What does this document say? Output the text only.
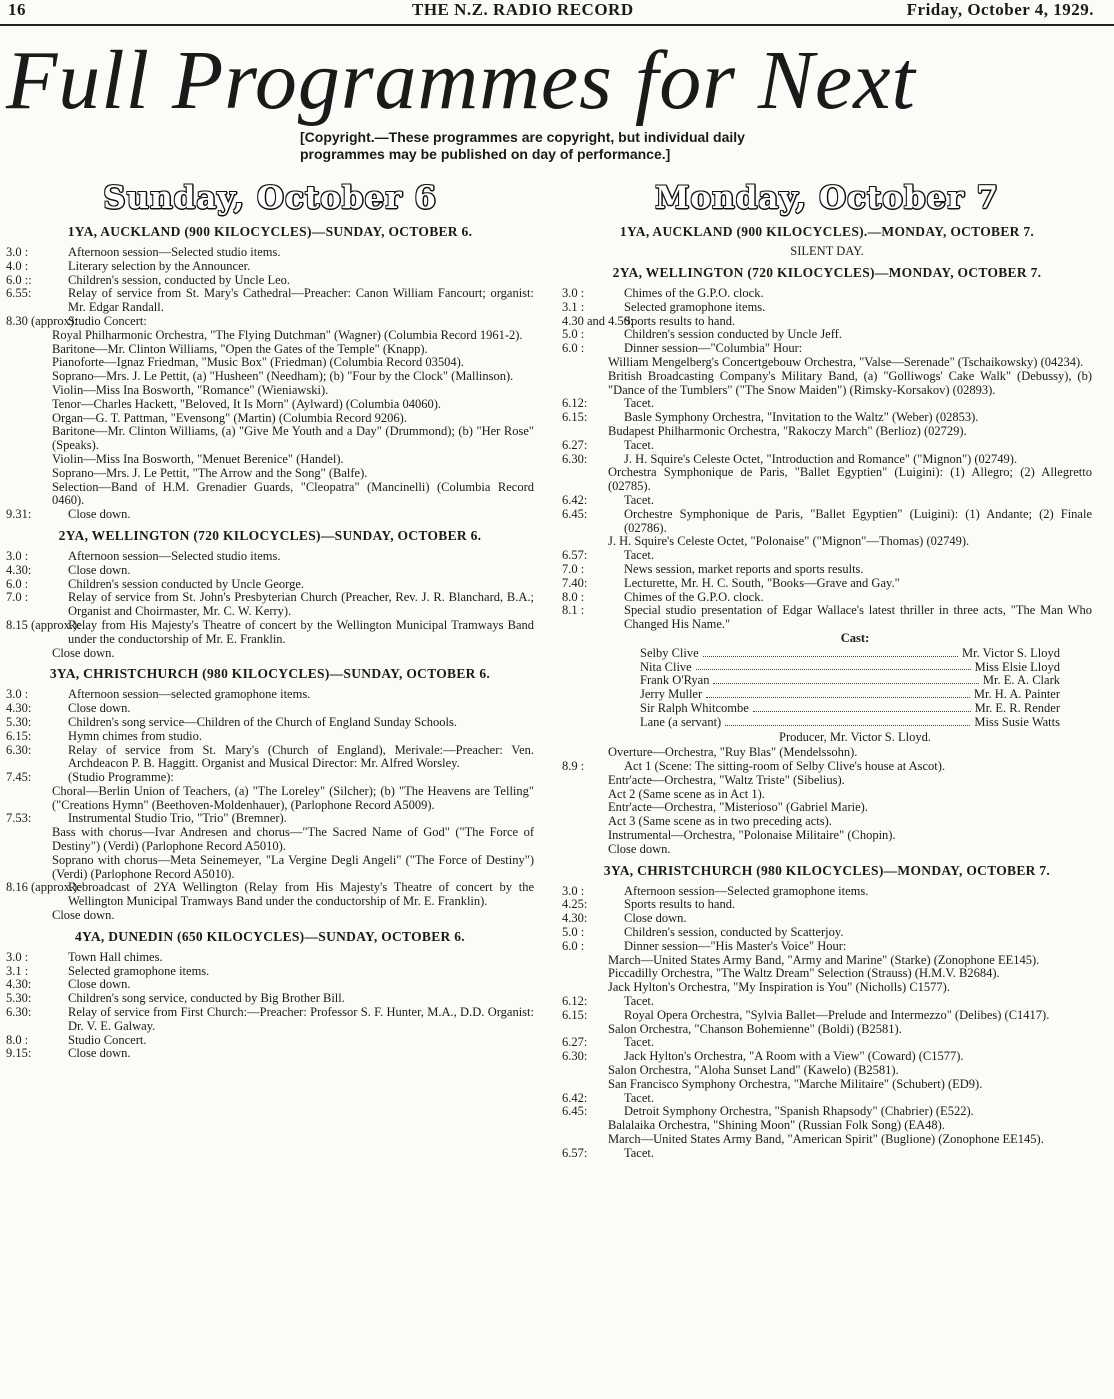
16	THE N.Z. RADIO RECORD	Friday, October 4, 1929.
Full Programmes for Next
[Copyright.—These programmes are copyright, but individual daily programmes may be published on day of performance.]
Sunday, October 6
1YA, AUCKLAND (900 KILOCYCLES)—SUNDAY, OCTOBER 6.
3.0 :	Afternoon session—Selected studio items.
4.0 :	Literary selection by the Announcer.
6.0 ::	Children's session, conducted by Uncle Leo.
6.55:	Relay of service from St. Mary's Cathedral—Preacher: Canon William Fancourt; organist: Mr. Edgar Randall.
8.30 (approx):
Studio Concert:
Royal Philharmonic Orchestra, "The Flying Dutchman" (Wagner) (Columbia Record 1961-2).
Baritone—Mr. Clinton Williams, "Open the Gates of the Temple" (Knapp).
Pianoforte—Ignaz Friedman, "Music Box" (Friedman) (Columbia Record 03504).
Soprano—Mrs. J. Le Pettit, (a) "Husheen" (Needham); (b) "Four by the Clock" (Mallinson).
Violin—Miss Ina Bosworth, "Romance" (Wieniawski).
Tenor—Charles Hackett, "Beloved, It Is Morn" (Aylward) (Columbia 04060).
Organ—G. T. Pattman, "Evensong" (Martin) (Columbia Record 9206).
Baritone—Mr. Clinton Williams, (a) "Give Me Youth and a Day" (Drummond); (b) "Her Rose" (Speaks).
Violin—Miss Ina Bosworth, "Menuet Berenice" (Handel).
Soprano—Mrs. J. Le Pettit, "The Arrow and the Song" (Balfe).
Selection—Band of H.M. Grenadier Guards, "Cleopatra" (Mancinelli) (Columbia Record 0460).
9.31:	Close down.
2YA, WELLINGTON (720 KILOCYCLES)—SUNDAY, OCTOBER 6.
3.0 :	Afternoon session—Selected studio items.
4.30:	Close down.
6.0 :	Children's session conducted by Uncle George.
7.0 :	Relay of service from St. John's Presbyterian Church (Preacher, Rev. J. R. Blanchard, B.A.; Organist and Choirmaster, Mr. C. W. Kerry).
8.15 (approx.):
Relay from His Majesty's Theatre of concert by the Wellington Municipal Tramways Band under the conductorship of Mr. E. Franklin.
Close down.
3YA, CHRISTCHURCH (980 KILOCYCLES)—SUNDAY, OCTOBER 6.
3.0 :	Afternoon session—selected gramophone items.
4.30:	Close down.
5.30:	Children's song service—Children of the Church of England Sunday Schools.
6.15:	Hymn chimes from studio.
6.30:	Relay of service from St. Mary's (Church of England), Merivale:—Preacher: Ven. Archdeacon P. B. Haggitt. Organist and Musical Director: Mr. Alfred Worsley.
7.45:	(Studio Programme):
Choral—Berlin Union of Teachers, (a) "The Loreley" (Silcher); (b) "The Heavens are Telling" ("Creations Hymn" (Beethoven-Moldenhauer), (Parlophone Record A5009).
7.53:	Instrumental Studio Trio, "Trio" (Bremner).
Bass with chorus—Ivar Andresen and chorus—"The Sacred Name of God" ("The Force of Destiny") (Verdi) (Parlophone Record A5010).
Soprano with chorus—Meta Seinemeyer, "La Vergine Degli Angeli" ("The Force of Destiny") (Verdi) (Parlophone Record A5010).
8.16 (approx.):
Rebroadcast of 2YA Wellington (Relay from His Majesty's Theatre of concert by the Wellington Municipal Tramways Band under the conductorship of Mr. E. Franklin).
Close down.
4YA, DUNEDIN (650 KILOCYCLES)—SUNDAY, OCTOBER 6.
3.0 :	Town Hall chimes.
3.1 :	Selected gramophone items.
4.30:	Close down.
5.30:	Children's song service, conducted by Big Brother Bill.
6.30:	Relay of service from First Church:—Preacher: Professor S. F. Hunter, M.A., D.D. Organist: Dr. V. E. Galway.
8.0 :	Studio Concert.
9.15:	Close down.
Monday, October 7
1YA, AUCKLAND (900 KILOCYCLES).—MONDAY, OCTOBER 7.
SILENT DAY.
2YA, WELLINGTON (720 KILOCYCLES)—MONDAY, OCTOBER 7.
3.0 :	Chimes of the G.P.O. clock.
3.1 :	Selected gramophone items.
4.30 and 4.50:
Sports results to hand.
5.0 :	Children's session conducted by Uncle Jeff.
6.0 :	Dinner session—"Columbia" Hour:
William Mengelberg's Concertgebouw Orchestra, "Valse—Serenade" (Tschaikowsky) (04234).
British Broadcasting Company's Military Band, (a) "Golliwogs' Cake Walk" (Debussy), (b) "Dance of the Tumblers" ("The Snow Maiden") (Rimsky-Korsakov) (02893).
6.12:	Tacet.
6.15:	Basle Symphony Orchestra, "Invitation to the Waltz" (Weber) (02853).
Budapest Philharmonic Orchestra, "Rakoczy March" (Berlioz) (02729).
6.27:	Tacet.
6.30:	J. H. Squire's Celeste Octet, "Introduction and Romance" ("Mignon") (02749).
Orchestra Symphonique de Paris, "Ballet Egyptien" (Luigini): (1) Allegro; (2) Allegretto (02785).
6.42:	Tacet.
6.45:	Orchestre Symphonique de Paris, "Ballet Egyptien" (Luigini): (1) Andante; (2) Finale (02786).
J. H. Squire's Celeste Octet, "Polonaise" ("Mignon"—Thomas) (02749).
6.57:	Tacet.
7.0 :	News session, market reports and sports results.
7.40:	Lecturette, Mr. H. C. South, "Books—Grave and Gay."
8.0 :	Chimes of the G.P.O. clock.
8.1 :	Special studio presentation of Edgar Wallace's latest thriller in three acts, "The Man Who Changed His Name."
Cast:
Selby Clive	Mr. Victor S. Lloyd
Nita Clive	Miss Elsie Lloyd
Frank O'Ryan	Mr. E. A. Clark
Jerry Muller	Mr. H. A. Painter
Sir Ralph Whitcombe	Mr. E. R. Render
Lane (a servant)	Miss Susie Watts
Producer, Mr. Victor S. Lloyd.
Overture—Orchestra, "Ruy Blas" (Mendelssohn).
8.9 :	Act 1 (Scene: The sitting-room of Selby Clive's house at Ascot).
Entr'acte—Orchestra, "Waltz Triste" (Sibelius).
Act 2 (Same scene as in Act 1).
Entr'acte—Orchestra, "Misterioso" (Gabriel Marie).
Act 3 (Same scene as in two preceding acts).
Instrumental—Orchestra, "Polonaise Militaire" (Chopin).
Close down.
3YA, CHRISTCHURCH (980 KILOCYCLES)—MONDAY, OCTOBER 7.
3.0 :	Afternoon session—Selected gramophone items.
4.25:	Sports results to hand.
4.30:	Close down.
5.0 :	Children's session, conducted by Scatterjoy.
6.0 :	Dinner session—"His Master's Voice" Hour:
March—United States Army Band, "Army and Marine" (Starke) (Zonophone EE145).
Piccadilly Orchestra, "The Waltz Dream" Selection (Strauss) (H.M.V. B2684).
Jack Hylton's Orchestra, "My Inspiration is You" (Nicholls) C1577).
6.12:	Tacet.
6.15:	Royal Opera Orchestra, "Sylvia Ballet—Prelude and Intermezzo" (Delibes) (C1417).
Salon Orchestra, "Chanson Bohemienne" (Boldi) (B2581).
6.27:	Tacet.
6.30:	Jack Hylton's Orchestra, "A Room with a View" (Coward) (C1577).
Salon Orchestra, "Aloha Sunset Land" (Kawelo) (B2581).
San Francisco Symphony Orchestra, "Marche Militaire" (Schubert) (ED9).
6.42:	Tacet.
6.45:	Detroit Symphony Orchestra, "Spanish Rhapsody" (Chabrier) (E522).
Balalaika Orchestra, "Shining Moon" (Russian Folk Song) (EA48).
March—United States Army Band, "American Spirit" (Buglione) (Zonophone EE145).
6.57:	Tacet.
